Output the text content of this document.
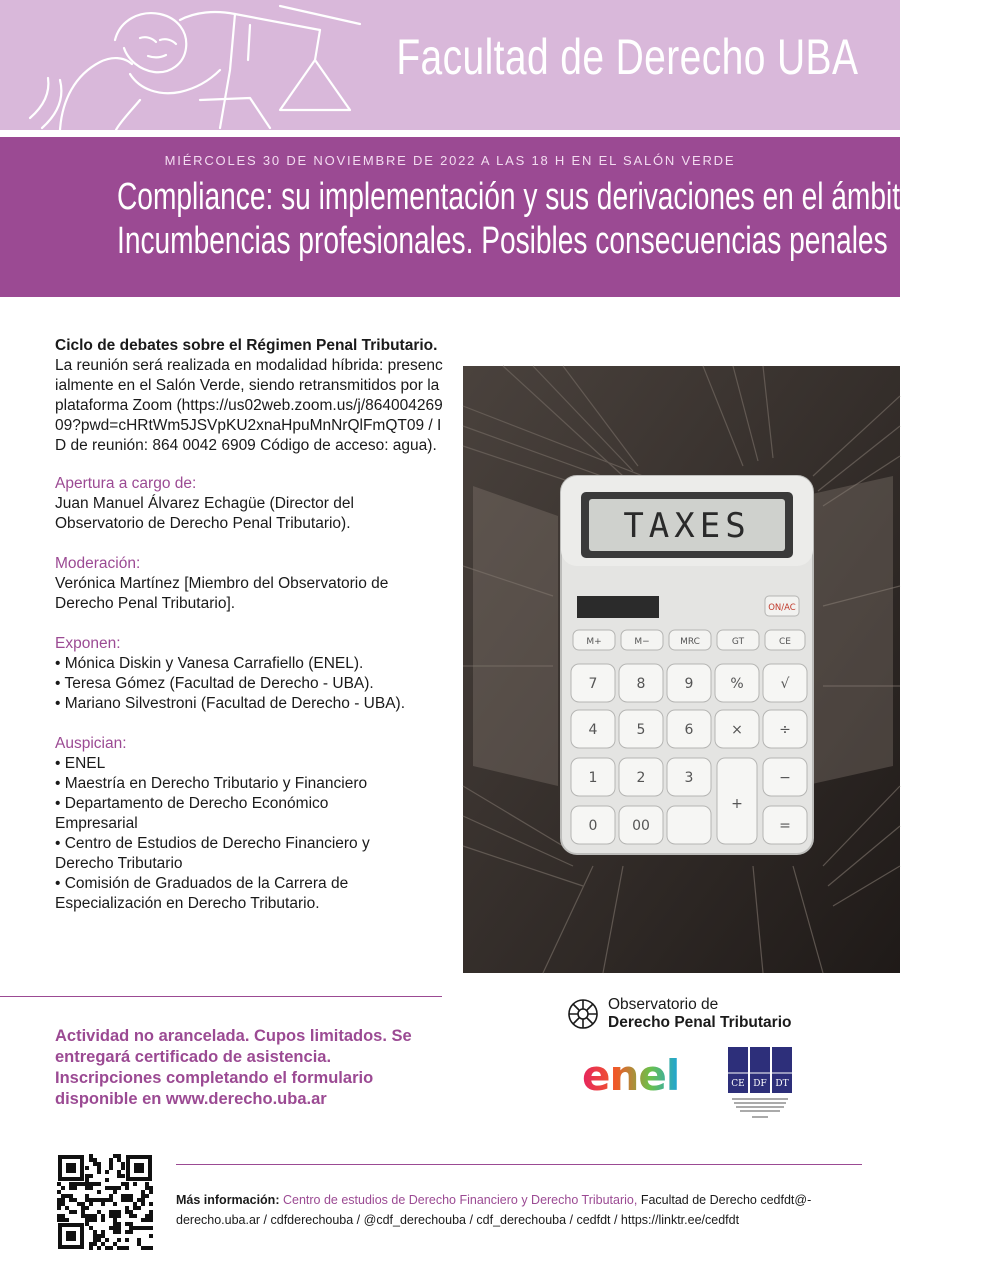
Facultad de Derecho UBA
MIÉRCOLES 30 DE NOVIEMBRE DE 2022 A LAS 18 H EN EL SALÓN VERDE
Compliance: su implementación y sus derivaciones en el ámbito fiscal.
Incumbencias profesionales. Posibles consecuencias penales
Ciclo de debates sobre el Régimen Penal Tributario.
La reunión será realizada en modalidad híbrida: presencialmente en el Salón Verde, siendo retransmitidos por la plataforma Zoom (https://us02web.zoom.us/j/86400426909?pwd=cHRtWm5JSVpKU2xnaHpuMnNrQlFmQT09 / ID de reunión: 864 0042 6909 Código de acceso: agua).
Apertura a cargo de:
Juan Manuel Álvarez Echagüe (Director del Observatorio de Derecho Penal Tributario).
Moderación:
Verónica Martínez [Miembro del Observatorio de Derecho Penal Tributario].
Exponen:
• Mónica Diskin y Vanesa Carrafiello (ENEL).
• Teresa Gómez (Facultad de Derecho - UBA).
• Mariano Silvestroni (Facultad de Derecho - UBA).
Auspician:
• ENEL
• Maestría en Derecho Tributario y Financiero
• Departamento de Derecho Económico Empresarial
• Centro de Estudios de Derecho Financiero y Derecho Tributario
• Comisión de Graduados de la Carrera de Especialización en Derecho Tributario.
TAXES
ON/AC
M+	M−	MRC	GT	CE
7	8	9	%	√
4	5	6	×	÷
1	2	3
+
−
0 00	=
Actividad no arancelada. Cupos limitados. Se entregará certificado de asistencia. Inscripciones completando el formulario disponible en www.derecho.uba.ar
Observatorio de
Derecho Penal Tributario
enel	CE DF DT
Más información: Centro de estudios de Derecho Financiero y Derecho Tributario, Facultad de Derecho cedfdt@-derecho.uba.ar / cdfderechouba / @cdf_derechouba / cdf_derechouba / cedfdt / https://linktr.ee/cedfdt
